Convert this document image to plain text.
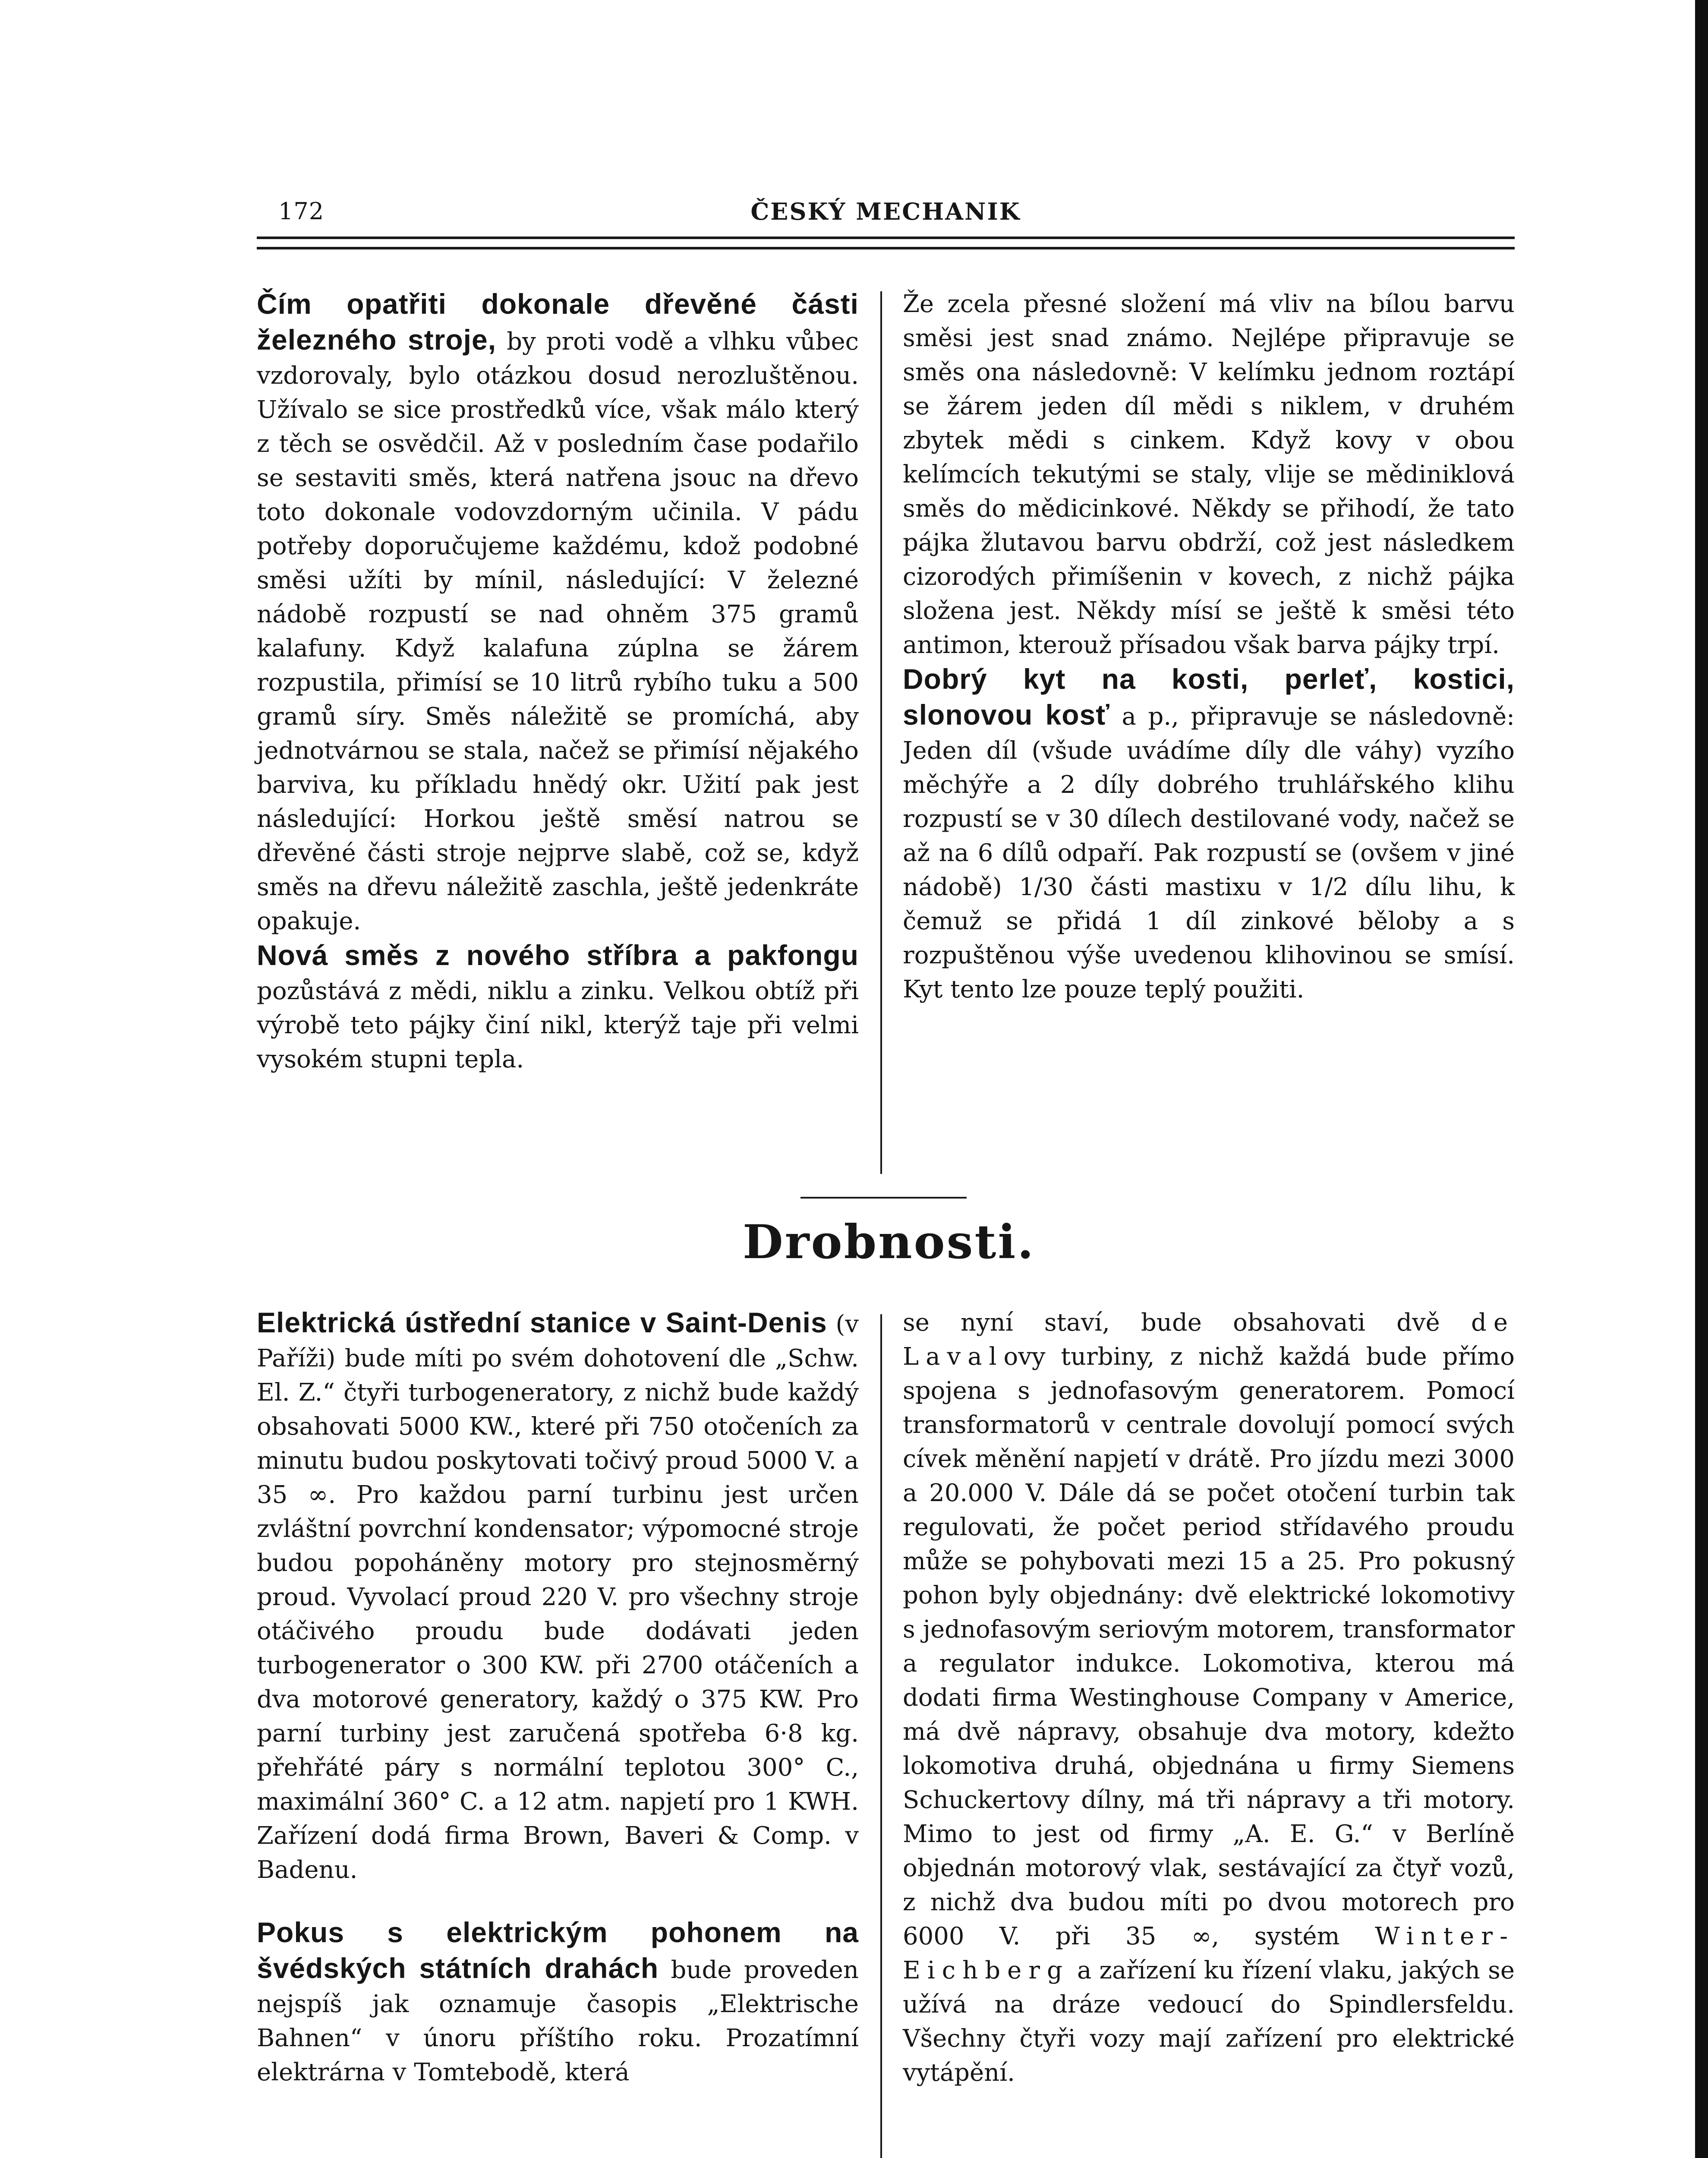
172	ČESKÝ MECHANIK

Čím opatřiti dokonale dřevěné části železného stroje, by proti vodě a vlhku vůbec vzdorovaly, bylo otázkou dosud nerozluštěnou. Užívalo se sice prostředků více, však málo který z těch se osvědčil. Až v posledním čase podařilo se sestaviti směs, která natřena jsouc na dřevo toto dokonale vodovzdorným učinila. V pádu potřeby doporučujeme každému, kdož podobné směsi užíti by mínil, následující: V železné nádobě rozpustí se nad ohněm 375 gramů kalafuny. Když kalafuna zúplna se žárem rozpustila, přimísí se 10 litrů rybího tuku a 500 gramů síry. Směs náležitě se promíchá, aby jednotvárnou se stala, načež se přimísí nějakého barviva, ku příkladu hnědý okr. Užití pak jest následující: Horkou ještě směsí natrou se dřevěné části stroje nejprve slabě, což se, když směs na dřevu náležitě zaschla, ještě jedenkráte opakuje.

Nová směs z nového stříbra a pakfongu pozůstává z mědi, niklu a zinku. Velkou obtíž při výrobě teto pájky činí nikl, kterýž taje při velmi vysokém stupni tepla.

Že zcela přesné složení má vliv na bílou barvu směsi jest snad známo. Nejlépe připravuje se směs ona následovně: V kelímku jednom roztápí se žárem jeden díl mědi s niklem, v druhém zbytek mědi s cinkem. Když kovy v obou kelímcích tekutými se staly, vlije se mědiniklová směs do mědicinkové. Někdy se přihodí, že tato pájka žlutavou barvu obdrží, což jest následkem cizorodých přimíšenin v kovech, z nichž pájka složena jest. Někdy mísí se ještě k směsi této antimon, kterouž přísadou však barva pájky trpí.

Dobrý kyt na kosti, perleť, kostici, slonovou kosť a p., připravuje se následovně: Jeden díl (všude uvádíme díly dle váhy) vyzího měchýře a 2 díly dobrého truhlářského klihu rozpustí se v 30 dílech destilované vody, načež se až na 6 dílů odpaří. Pak rozpustí se (ovšem v jiné nádobě) 1/30 části mastixu v 1/2 dílu lihu, k čemuž se přidá 1 díl zinkové běloby a s rozpuštěnou výše uvedenou klihovinou se smísí. Kyt tento lze pouze teplý použiti.

Drobnosti.

Elektrická ústřední stanice v Saint-Denis (v Paříži) bude míti po svém dohotovení dle „Schw. El. Z.“ čtyři turbogeneratory, z nichž bude každý obsahovati 5000 KW., které při 750 otočeních za minutu budou poskytovati točivý proud 5000 V. a 35 ∞. Pro každou parní turbinu jest určen zvláštní povrchní kondensator; výpomocné stroje budou popoháněny motory pro stejnosměrný proud. Vyvolací proud 220 V. pro všechny stroje otáčivého proudu bude dodávati jeden turbogenerator o 300 KW. při 2700 otáčeních a dva motorové generatory, každý o 375 KW. Pro parní turbiny jest zaručená spotřeba 6·8 kg. přehřáté páry s normální teplotou 300° C., maximální 360° C. a 12 atm. napjetí pro 1 KWH. Zařízení dodá firma Brown, Baveri & Comp. v Badenu.

Pokus s elektrickým pohonem na švédských státních drahách bude proveden nejspíš jak oznamuje časopis „Elektrische Bahnen“ v únoru příštího roku. Prozatímní elektrárna v Tomtebodě, která

se nyní staví, bude obsahovati dvě de Lavalovy turbiny, z nichž každá bude přímo spojena s jednofasovým generatorem. Pomocí transformatorů v centrale dovolují pomocí svých cívek měnění napjetí v drátě. Pro jízdu mezi 3000 a 20.000 V. Dále dá se počet otočení turbin tak regulovati, že počet period střídavého proudu může se pohybovati mezi 15 a 25. Pro pokusný pohon byly objednány: dvě elektrické lokomotivy s jednofasovým seriovým motorem, transformator a regulator indukce. Lokomotiva, kterou má dodati firma Westinghouse Company v Americe, má dvě nápravy, obsahuje dva motory, kdežto lokomotiva druhá, objednána u firmy Siemens Schuckertovy dílny, má tři nápravy a tři motory. Mimo to jest od firmy „A. E. G.“ v Berlíně objednán motorový vlak, sestávající za čtyř vozů, z nichž dva budou míti po dvou motorech pro 6000 V. při 35 ∞, systém Winter-Eichberg a zařízení ku řízení vlaku, jakých se užívá na dráze vedoucí do Spindlersfeldu. Všechny čtyři vozy mají zařízení pro elektrické vytápění.
